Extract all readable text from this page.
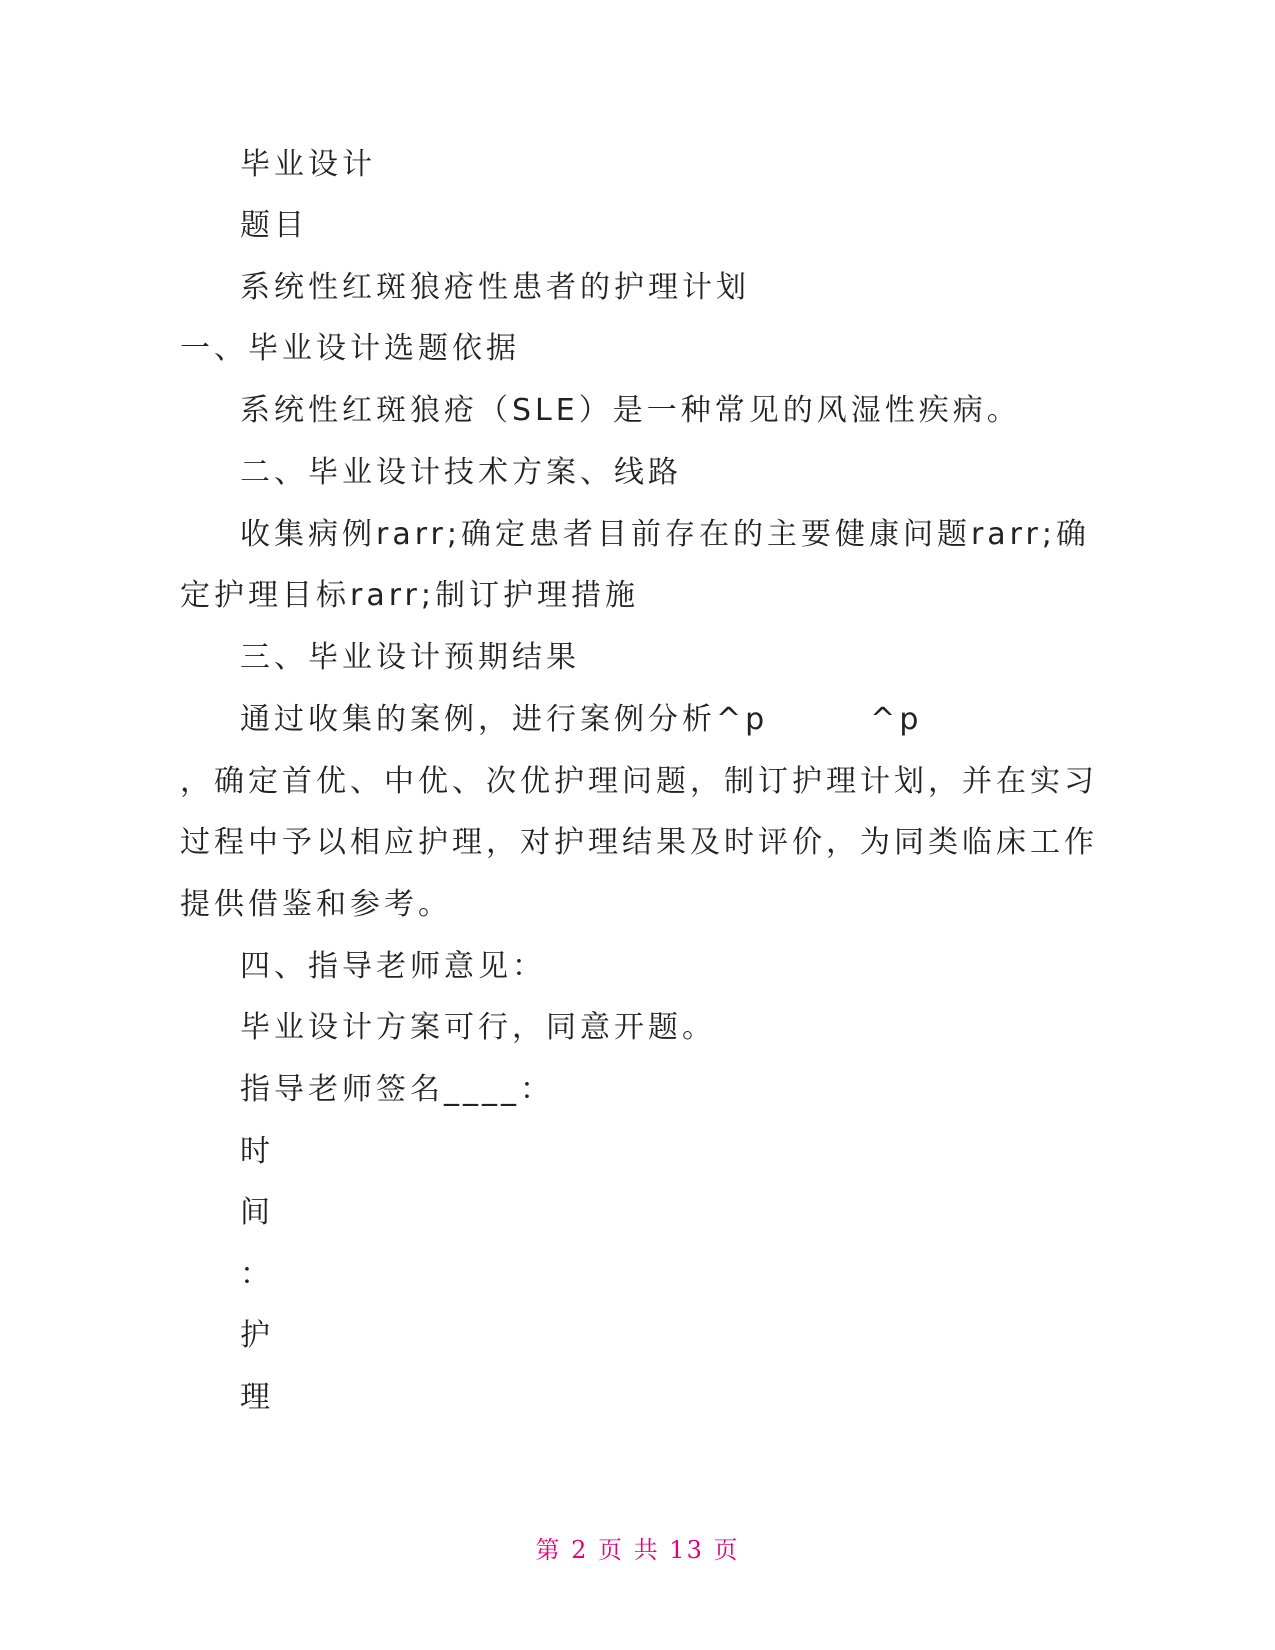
毕业设计
题目
系统性红斑狼疮性患者的护理计划
一、毕业设计选题依据
系统性红斑狼疮（SLE）是一种常见的风湿性疾病。
二、毕业设计技术方案、线路
收集病例rarr;确定患者目前存在的主要健康问题rarr;确
定护理目标rarr;制订护理措施
三、毕业设计预期结果
通过收集的案例，进行案例分析^p　　　^p
，确定首优、中优、次优护理问题，制订护理计划，并在实习
过程中予以相应护理，对护理结果及时评价，为同类临床工作
提供借鉴和参考。
四、指导老师意见：
毕业设计方案可行，同意开题。
指导老师签名____：
时
间
：
护
理
第 2 页 共 13 页
